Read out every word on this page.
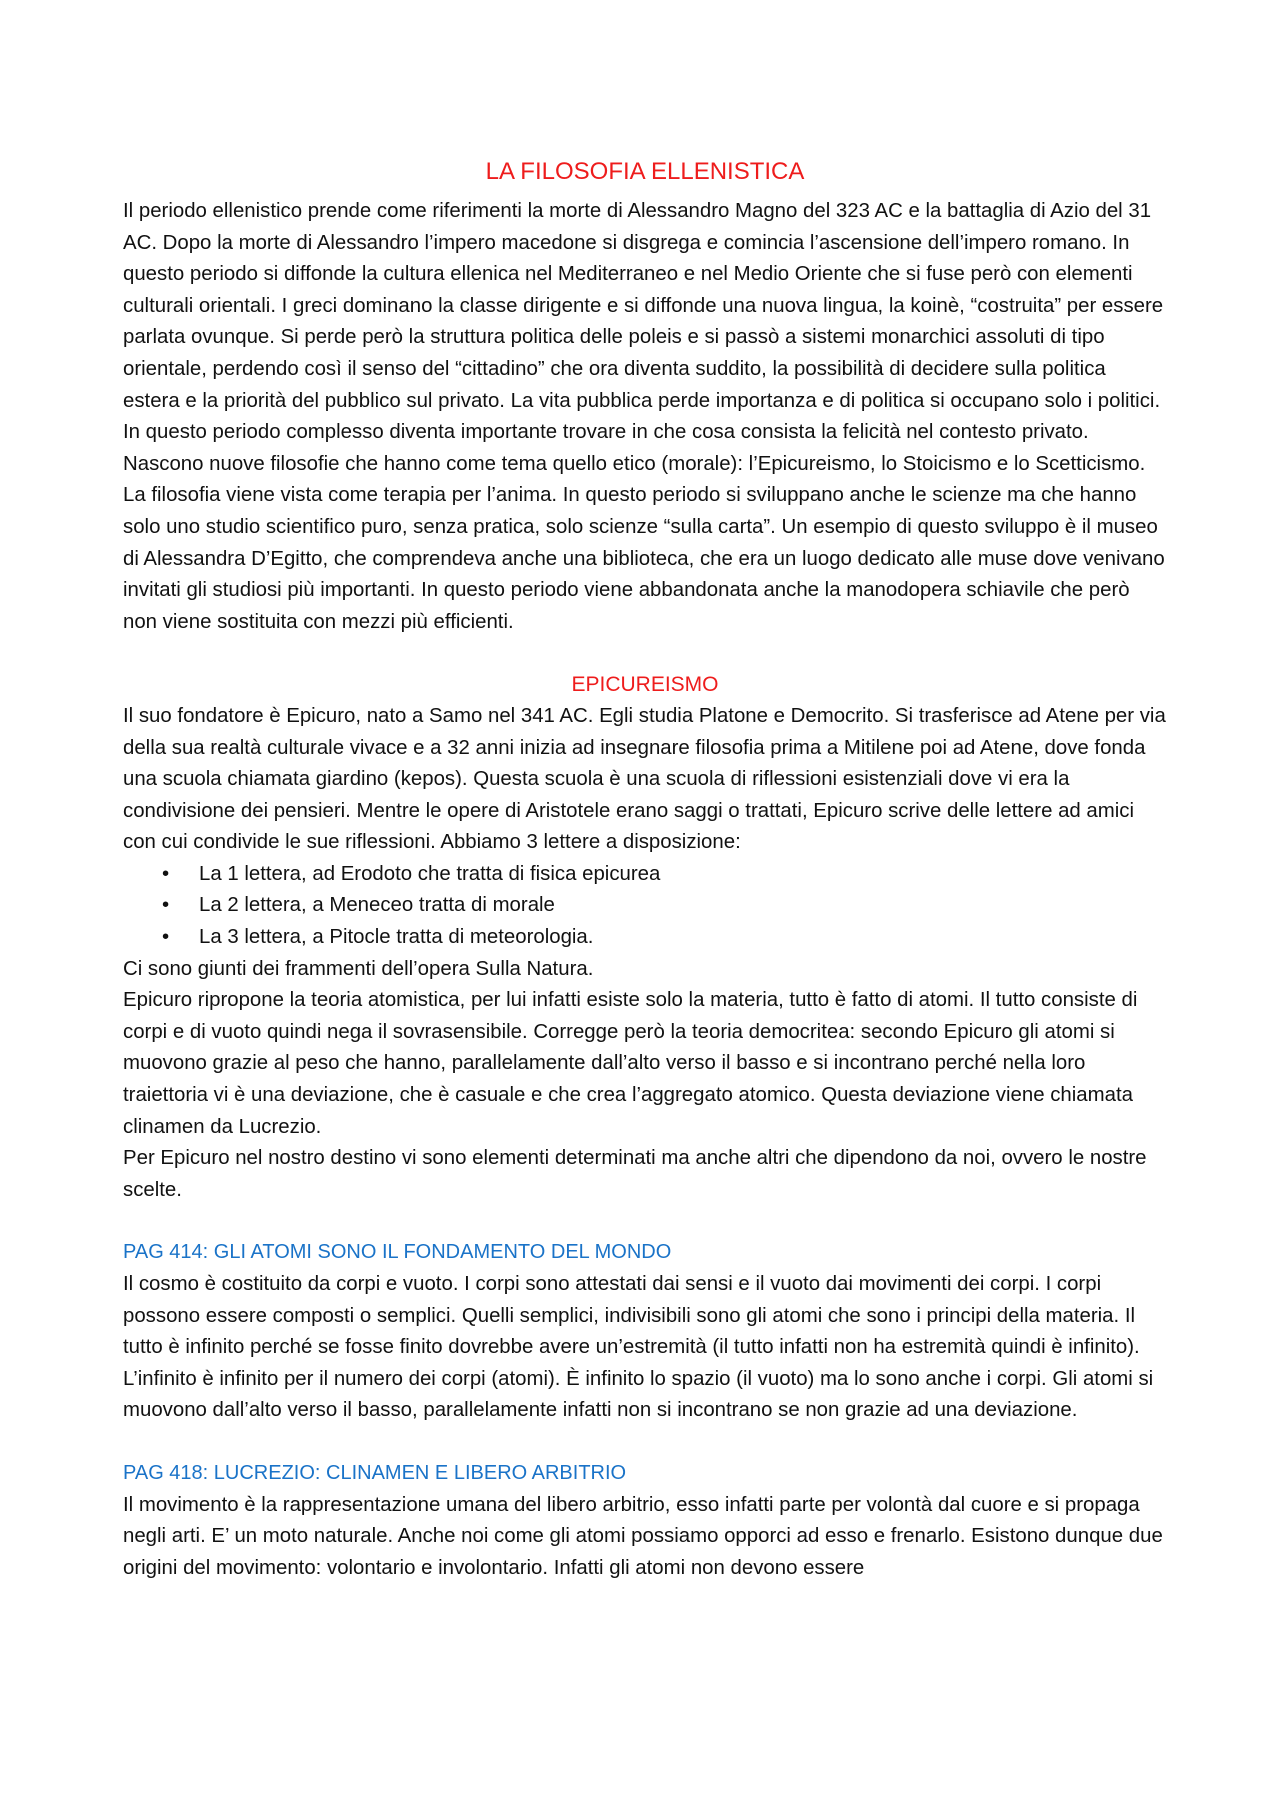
LA FILOSOFIA ELLENISTICA

Il periodo ellenistico prende come riferimenti la morte di Alessandro Magno del 323 AC e la battaglia di Azio del 31 AC. Dopo la morte di Alessandro l’impero macedone si disgrega e comincia l’ascensione dell’impero romano. In questo periodo si diffonde la cultura ellenica nel Mediterraneo e nel Medio Oriente che si fuse però con elementi culturali orientali. I greci dominano la classe dirigente e si diffonde una nuova lingua, la koinè, “costruita” per essere parlata ovunque. Si perde però la struttura politica delle poleis e si passò a sistemi monarchici assoluti di tipo orientale, perdendo così il senso del “cittadino” che ora diventa suddito, la possibilità di decidere sulla politica estera e la priorità del pubblico sul privato. La vita pubblica perde importanza e di politica si occupano solo i politici.

In questo periodo complesso diventa importante trovare in che cosa consista la felicità nel contesto privato. Nascono nuove filosofie che hanno come tema quello etico (morale): l’Epicureismo, lo Stoicismo e lo Scetticismo. La filosofia viene vista come terapia per l’anima. In questo periodo si sviluppano anche le scienze ma che hanno solo uno studio scientifico puro, senza pratica, solo scienze “sulla carta”. Un esempio di questo sviluppo è il museo di Alessandra D’Egitto, che comprendeva anche una biblioteca, che era un luogo dedicato alle muse dove venivano invitati gli studiosi più importanti. In questo periodo viene abbandonata anche la manodopera schiavile che però non viene sostituita con mezzi più efficienti.

EPICUREISMO

Il suo fondatore è Epicuro, nato a Samo nel 341 AC. Egli studia Platone e Democrito. Si trasferisce ad Atene per via della sua realtà culturale vivace e a 32 anni inizia ad insegnare filosofia prima a Mitilene poi ad Atene, dove fonda una scuola chiamata giardino (kepos). Questa scuola è una scuola di riflessioni esistenziali dove vi era la condivisione dei pensieri. Mentre le opere di Aristotele erano saggi o trattati, Epicuro scrive delle lettere ad amici con cui condivide le sue riflessioni. Abbiamo 3 lettere a disposizione:

• La 1 lettera, ad Erodoto che tratta di fisica epicurea
• La 2 lettera, a Meneceo tratta di morale
• La 3 lettera, a Pitocle tratta di meteorologia.

Ci sono giunti dei frammenti dell’opera Sulla Natura.

Epicuro ripropone la teoria atomistica, per lui infatti esiste solo la materia, tutto è fatto di atomi. Il tutto consiste di corpi e di vuoto quindi nega il sovrasensibile. Corregge però la teoria democritea: secondo Epicuro gli atomi si muovono grazie al peso che hanno, parallelamente dall’alto verso il basso e si incontrano perché nella loro traiettoria vi è una deviazione, che è casuale e che crea l’aggregato atomico. Questa deviazione viene chiamata clinamen da Lucrezio.

Per Epicuro nel nostro destino vi sono elementi determinati ma anche altri che dipendono da noi, ovvero le nostre scelte.

PAG 414: GLI ATOMI SONO IL FONDAMENTO DEL MONDO

Il cosmo è costituito da corpi e vuoto. I corpi sono attestati dai sensi e il vuoto dai movimenti dei corpi. I corpi possono essere composti o semplici. Quelli semplici, indivisibili sono gli atomi che sono i principi della materia. Il tutto è infinito perché se fosse finito dovrebbe avere un’estremità (il tutto infatti non ha estremità quindi è infinito). L’infinito è infinito per il numero dei corpi (atomi). È infinito lo spazio (il vuoto) ma lo sono anche i corpi. Gli atomi si muovono dall’alto verso il basso, parallelamente infatti non si incontrano se non grazie ad una deviazione.

PAG 418: LUCREZIO: CLINAMEN E LIBERO ARBITRIO

Il movimento è la rappresentazione umana del libero arbitrio, esso infatti parte per volontà dal cuore e si propaga negli arti. E’ un moto naturale. Anche noi come gli atomi possiamo opporci ad esso e frenarlo. Esistono dunque due origini del movimento: volontario e involontario. Infatti gli atomi non devono essere
